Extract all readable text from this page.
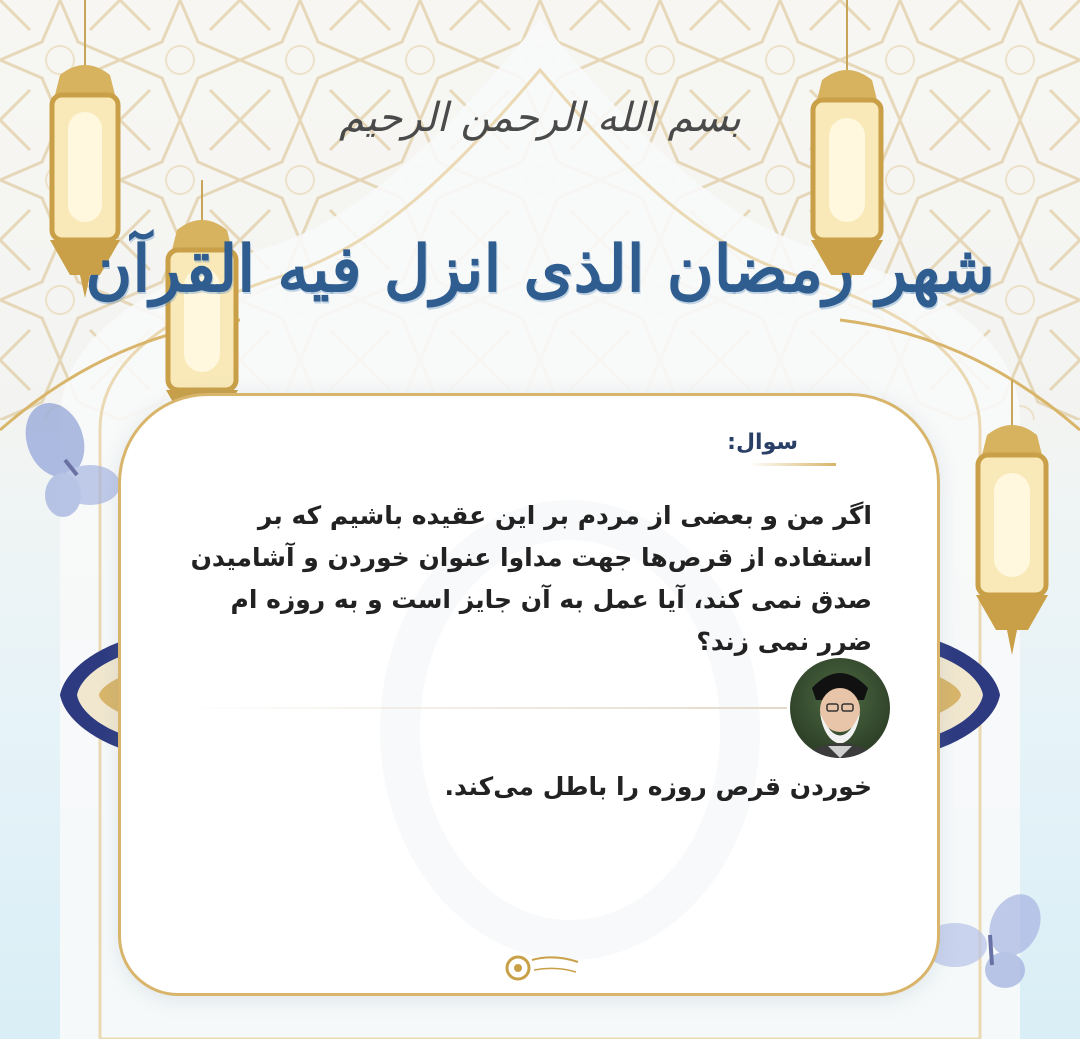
بسم الله الرحمن الرحيم
شهر رمضان الذی انزل فیه القرآن
سوال:
اگر من و بعضی از مردم بر این عقیده باشیم که بر استفاده از قرص‌ها جهت مداوا عنوان خوردن و آشامیدن صدق نمی کند، آیا عمل به آن جایز است و به روزه ام ضرر نمی زند؟
خوردن قرص روزه را باطل می‌کند.
